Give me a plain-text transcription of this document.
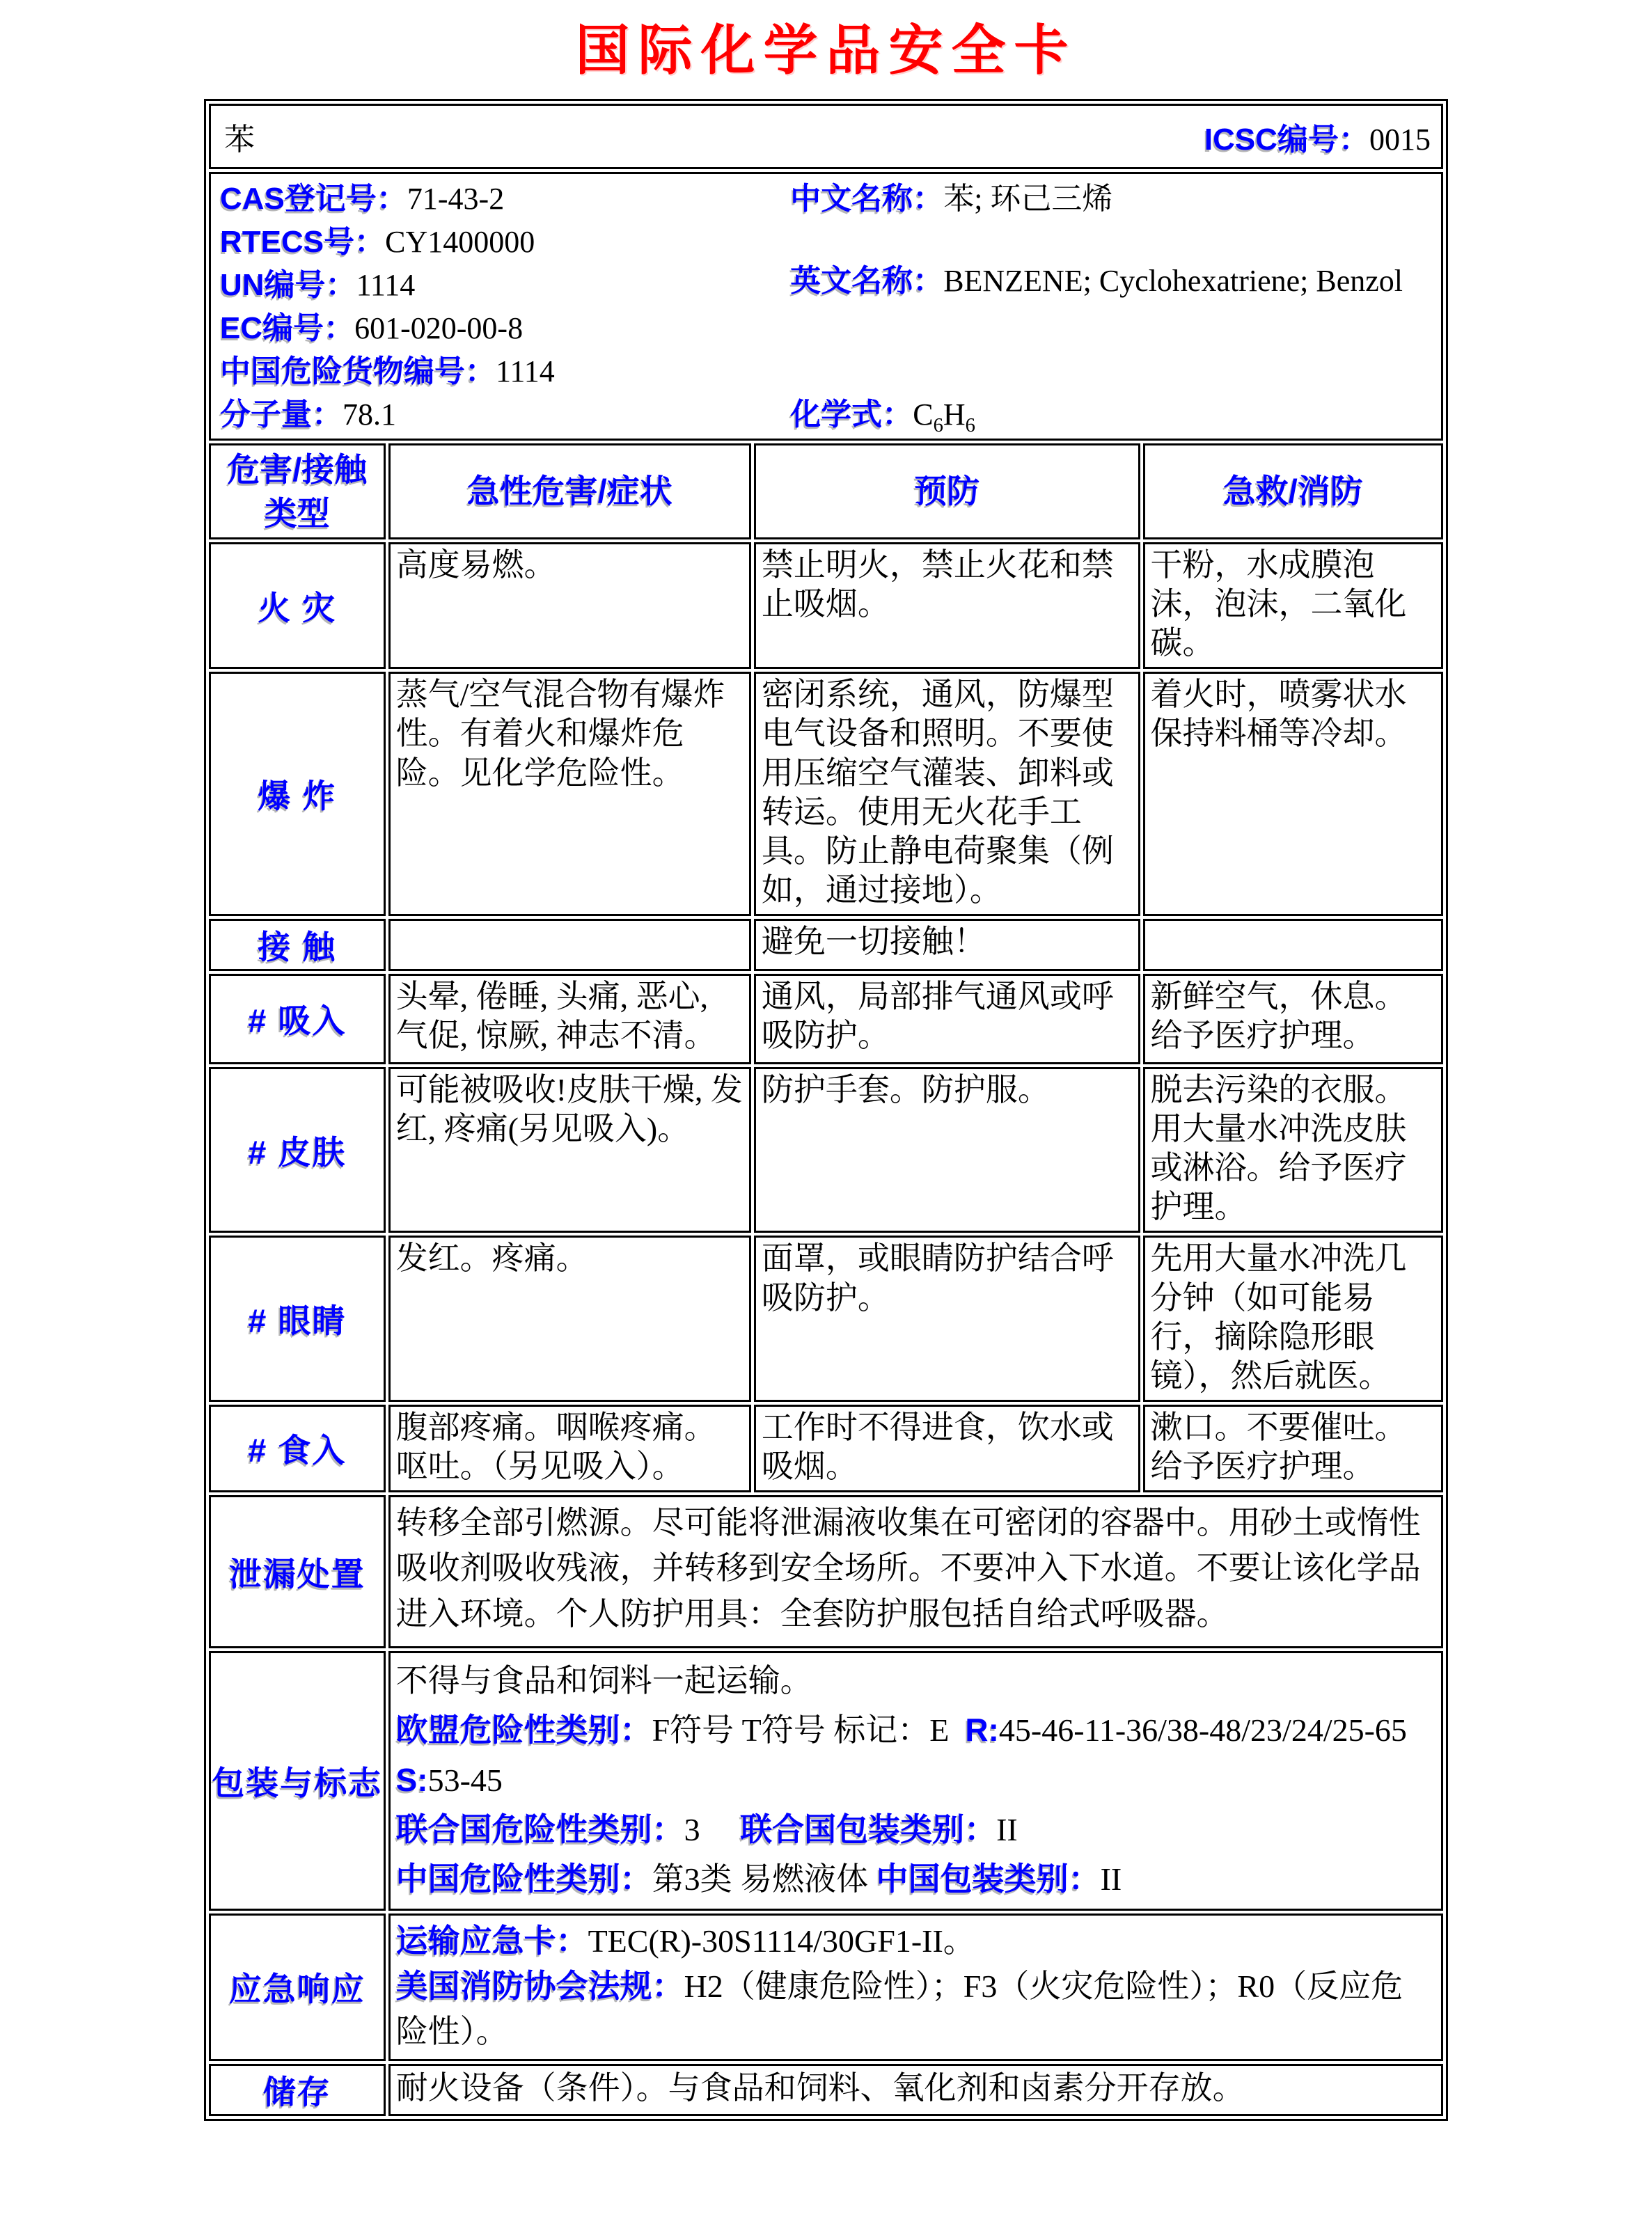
国际化学品安全卡
苯 ICSC编号：0015			

CAS登记号：71-43-2
RTECS号：CY1400000
UN编号：1114
EC编号：601-020-00-8
中国危险货物编号：1114
分子量：78.1
中文名称：苯; 环己三烯
英文名称：BENZENE; Cyclohexatriene; Benzol
化学式：$C_6H_6$

危害/接触
类型	急性危害/症状	预防	急救/消防
火 灾	高度易燃。	禁止明火，禁止火花和禁止吸烟。	干粉，水成膜泡沫，泡沫，二氧化碳。
爆 炸	蒸气/空气混合物有爆炸性。有着火和爆炸危险。见化学危险性。	密闭系统，通风，防爆型电气设备和照明。不要使用压缩空气灌装、卸料或转运。使用无火花手工具。防止静电荷聚集（例如，通过接地）。	着火时，喷雾状水保持料桶等冷却。
接 触		避免一切接触！	
# 吸入	头晕, 倦睡, 头痛, 恶心, 气促, 惊厥, 神志不清。	通风，局部排气通风或呼吸防护。	新鲜空气，休息。给予医疗护理。
# 皮肤	可能被吸收!皮肤干燥, 发红, 疼痛(另见吸入)。	防护手套。防护服。	脱去污染的衣服。用大量水冲洗皮肤或淋浴。给予医疗护理。
# 眼睛	发红。疼痛。	面罩，或眼睛防护结合呼吸防护。	先用大量水冲洗几分钟（如可能易行，摘除隐形眼镜），然后就医。
# 食入	腹部疼痛。咽喉疼痛。呕吐。（另见吸入）。	工作时不得进食，饮水或吸烟。	漱口。不要催吐。给予医疗护理。
泄漏处置	转移全部引燃源。尽可能将泄漏液收集在可密闭的容器中。用砂土或惰性吸收剂吸收残液，并转移到安全场所。不要冲入下水道。不要让该化学品进入环境。个人防护用具：全套防护服包括自给式呼吸器。		

包装与标志	不得与食品和饲料一起运输。
欧盟危险性类别：F符号 T符号 标记：E  R:45-46-11-36/38-48/23/24/25-65   S:53-45
联合国危险性类别：3     联合国包装类别：II
中国危险性类别：第3类 易燃液体 中国包装类别：II		

应急响应	运输应急卡：TEC(R)-30S1114/30GF1-II。
美国消防协会法规：H2（健康危险性）；F3（火灾危险性）；R0（反应危险性）。		

储存	耐火设备（条件）。与食品和饲料、氧化剂和卤素分开存放。		
